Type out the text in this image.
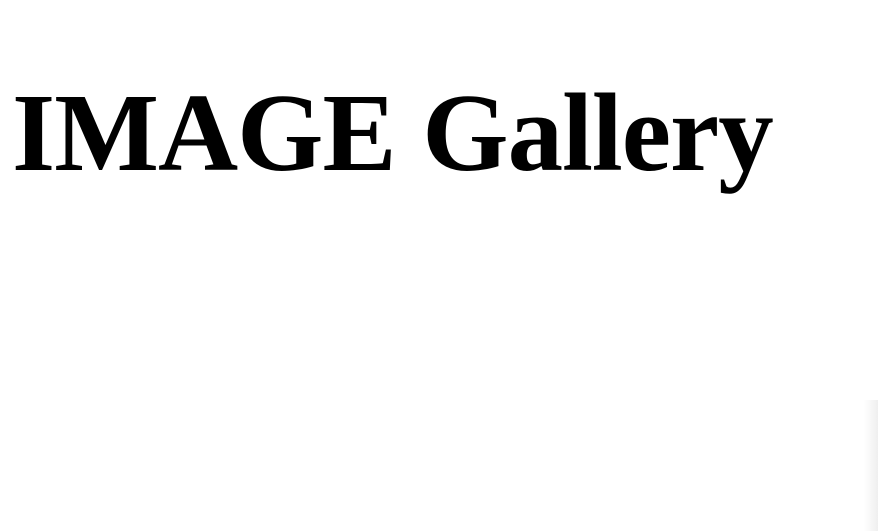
IMAGE Gallery
